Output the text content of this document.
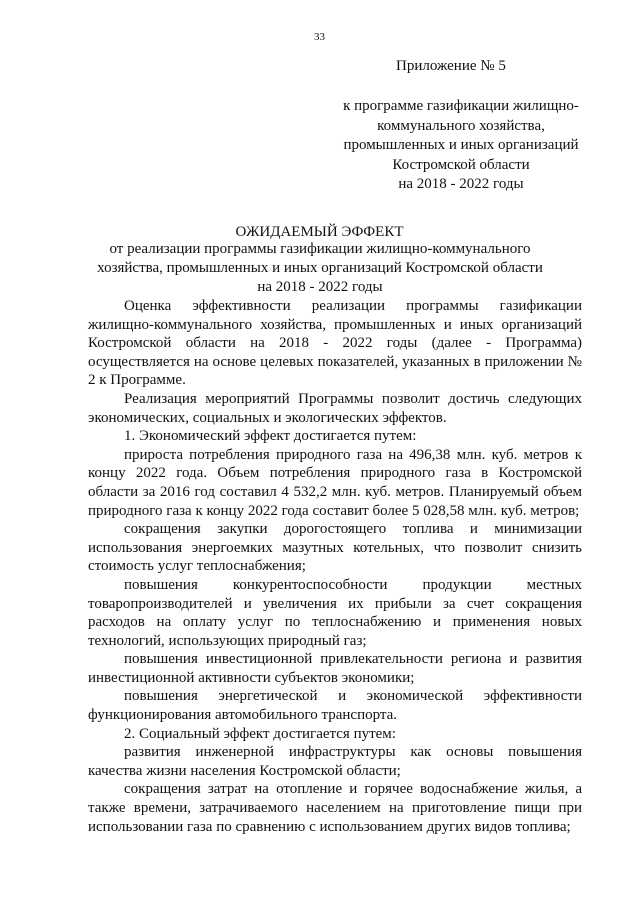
33
Приложение № 5
к программе газификации жилищно-
коммунального хозяйства,
промышленных и иных организаций
Костромской области
на 2018 - 2022 годы
ОЖИДАЕМЫЙ ЭФФЕКТ
от реализации программы газификации жилищно-коммунального
хозяйства, промышленных и иных организаций Костромской области
на 2018 - 2022 годы

Оценка эффективности реализации программы газификации жилищно-коммунального хозяйства, промышленных и иных организаций Костромской области на 2018 - 2022 годы (далее - Программа) осуществляется на основе целевых показателей, указанных в приложении № 2 к Программе.

Реализация мероприятий Программы позволит достичь следующих экономических, социальных и экологических эффектов.

1. Экономический эффект достигается путем:

прироста потребления природного газа на 496,38 млн. куб. метров к концу 2022 года. Объем потребления природного газа в Костромской области за 2016 год составил 4 532,2 млн. куб. метров. Планируемый объем природного газа к концу 2022 года составит более 5 028,58 млн. куб. метров;

сокращения закупки дорогостоящего топлива и минимизации использования энергоемких мазутных котельных, что позволит снизить стоимость услуг теплоснабжения;

повышения конкурентоспособности продукции местных товаропроизводителей и увеличения их прибыли за счет сокращения расходов на оплату услуг по теплоснабжению и применения новых технологий, использующих природный газ;

повышения инвестиционной привлекательности региона и развития инвестиционной активности субъектов экономики;

повышения энергетической и экономической эффективности функционирования автомобильного транспорта.

2. Социальный эффект достигается путем:

развития инженерной инфраструктуры как основы повышения качества жизни населения Костромской области;

сокращения затрат на отопление и горячее водоснабжение жилья, а также времени, затрачиваемого населением на приготовление пищи при использовании газа по сравнению с использованием других видов топлива;
